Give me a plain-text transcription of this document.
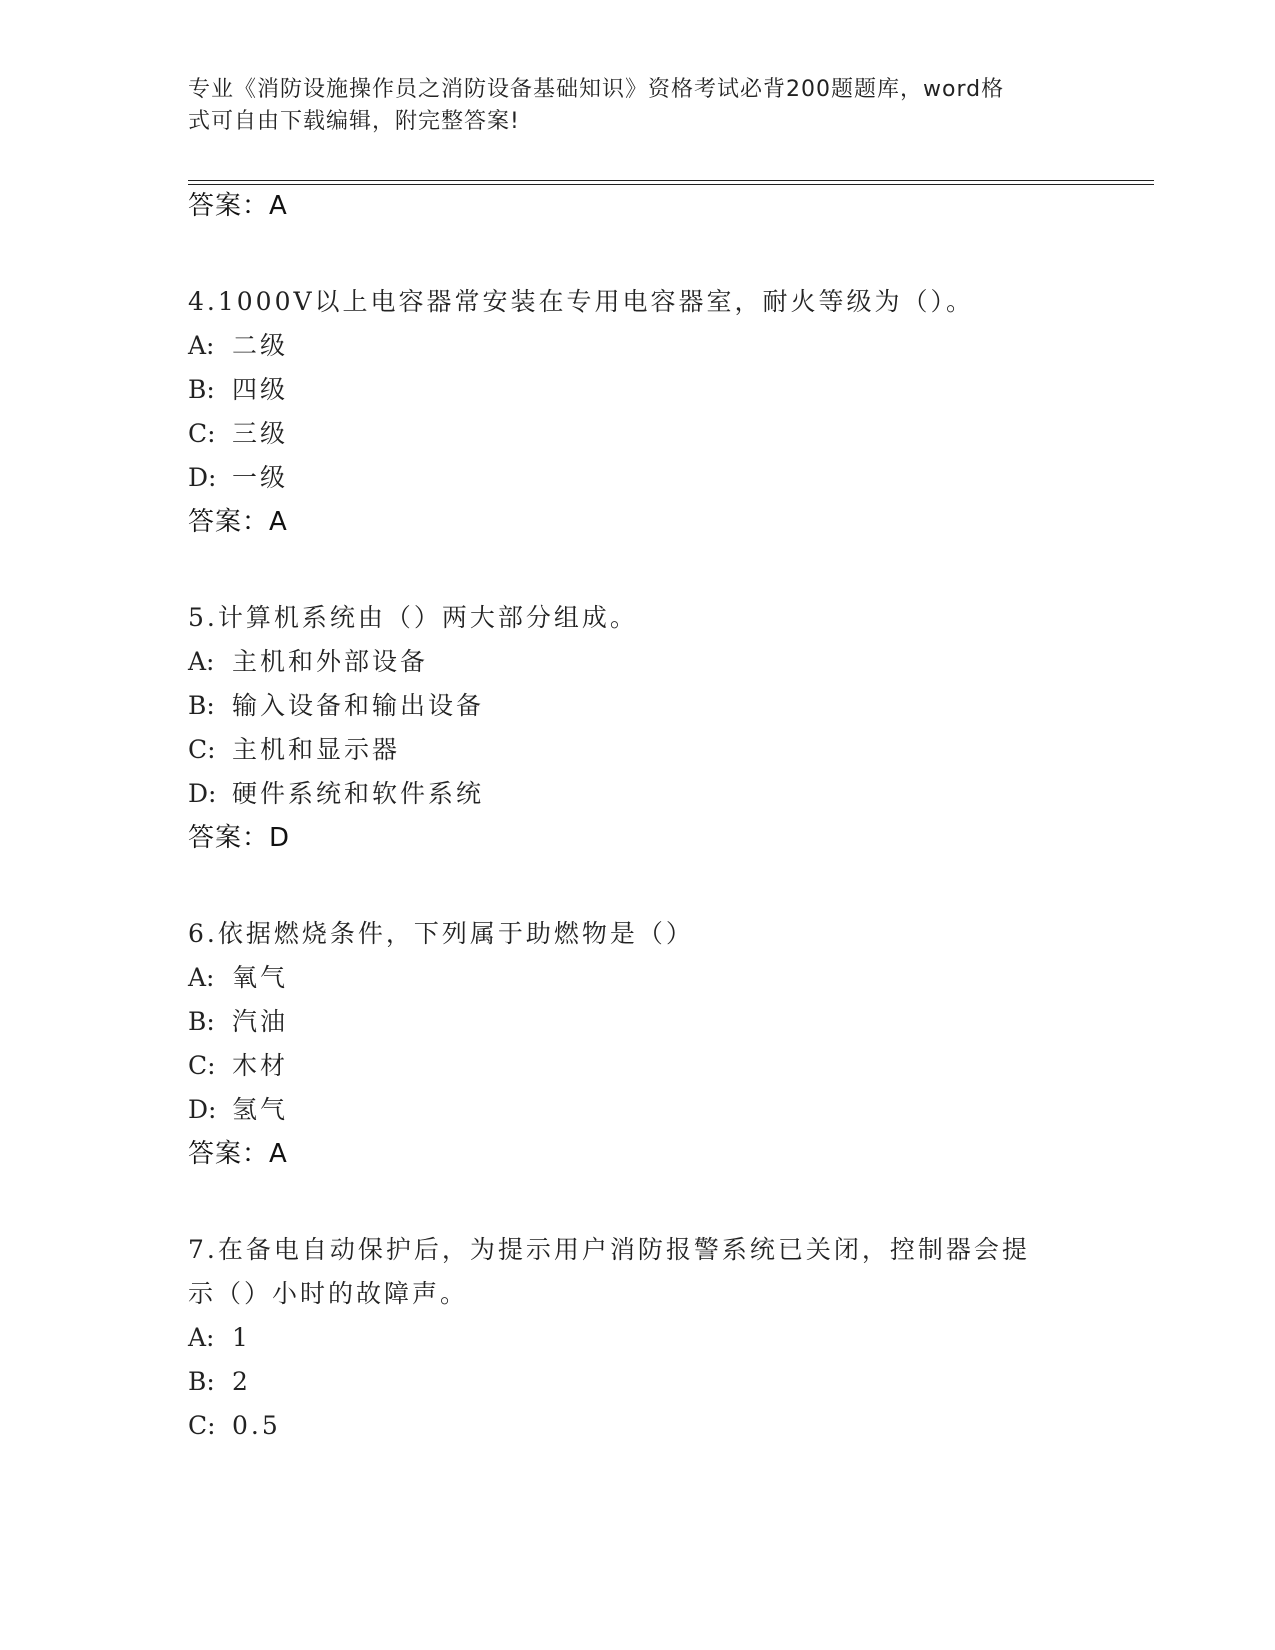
专业《消防设施操作员之消防设备基础知识》资格考试必背200题题库，word格
式可自由下载编辑，附完整答案!
答案：A
4.1000V以上电容器常安装在专用电容器室，耐火等级为（）。
A: 二级
B: 四级
C: 三级
D: 一级
答案：A
5.计算机系统由（）两大部分组成。
A: 主机和外部设备
B: 输入设备和输出设备
C: 主机和显示器
D: 硬件系统和软件系统
答案：D
6.依据燃烧条件，下列属于助燃物是（）
A: 氧气
B: 汽油
C: 木材
D: 氢气
答案：A
7.在备电自动保护后，为提示用户消防报警系统已关闭，控制器会提
示（）小时的故障声。
A: 1
B: 2
C: 0.5
